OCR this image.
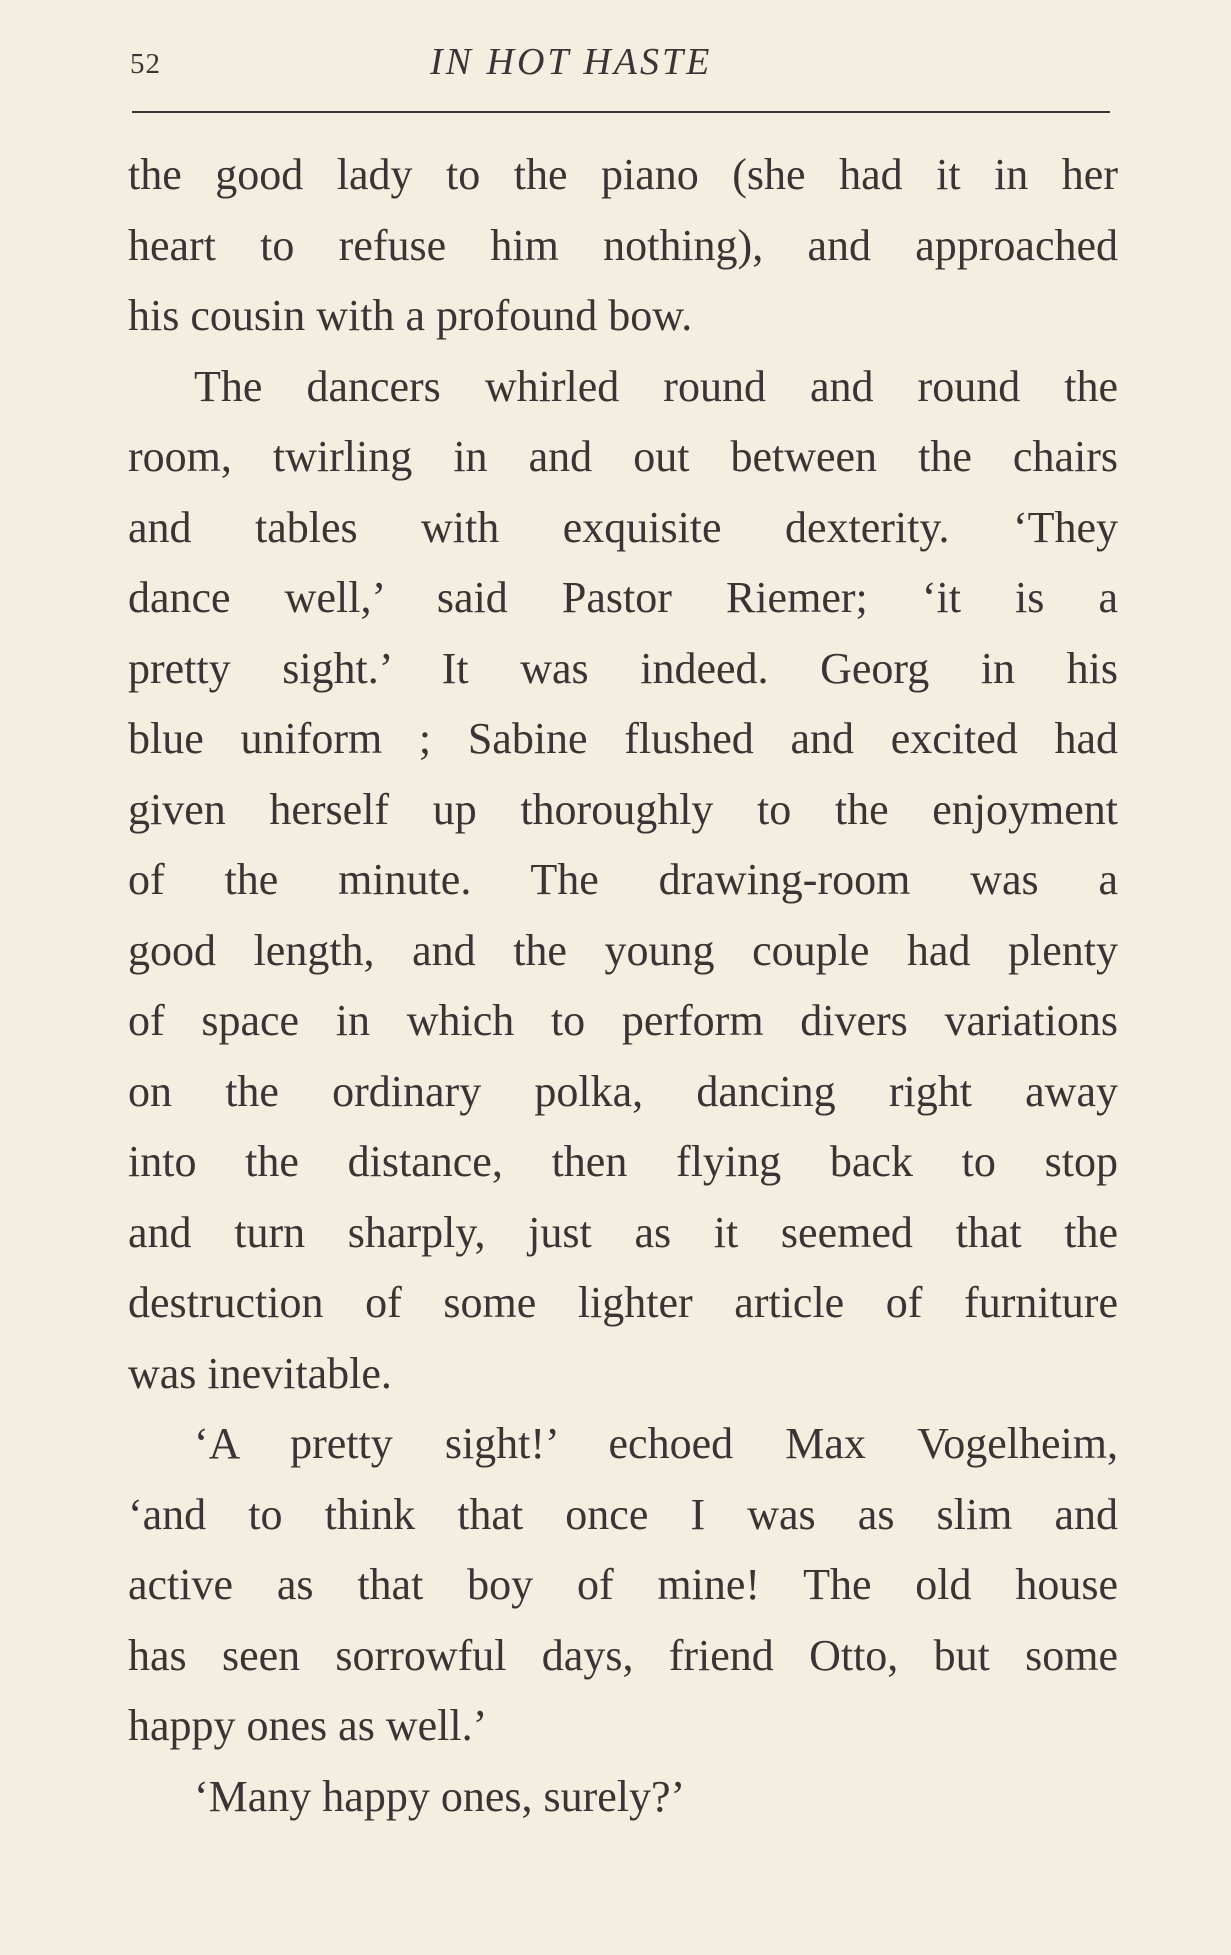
52	IN HOT HASTE
the good lady to the piano (she had it in her
heart to refuse him nothing), and approached
his cousin with a profound bow.
The dancers whirled round and round the
room, twirling in and out between the chairs
and tables with exquisite dexterity. ‘They
dance well,’ said Pastor Riemer; ‘it is a
pretty sight.’ It was indeed. Georg in his
blue uniform ; Sabine flushed and excited had
given herself up thoroughly to the enjoyment
of the minute. The drawing-room was a
good length, and the young couple had plenty
of space in which to perform divers variations
on the ordinary polka, dancing right away
into the distance, then flying back to stop
and turn sharply, just as it seemed that the
destruction of some lighter article of furniture
was inevitable.
‘A pretty sight!’ echoed Max Vogelheim,
‘and to think that once I was as slim and
active as that boy of mine! The old house
has seen sorrowful days, friend Otto, but some
happy ones as well.’
‘Many happy ones, surely?’
